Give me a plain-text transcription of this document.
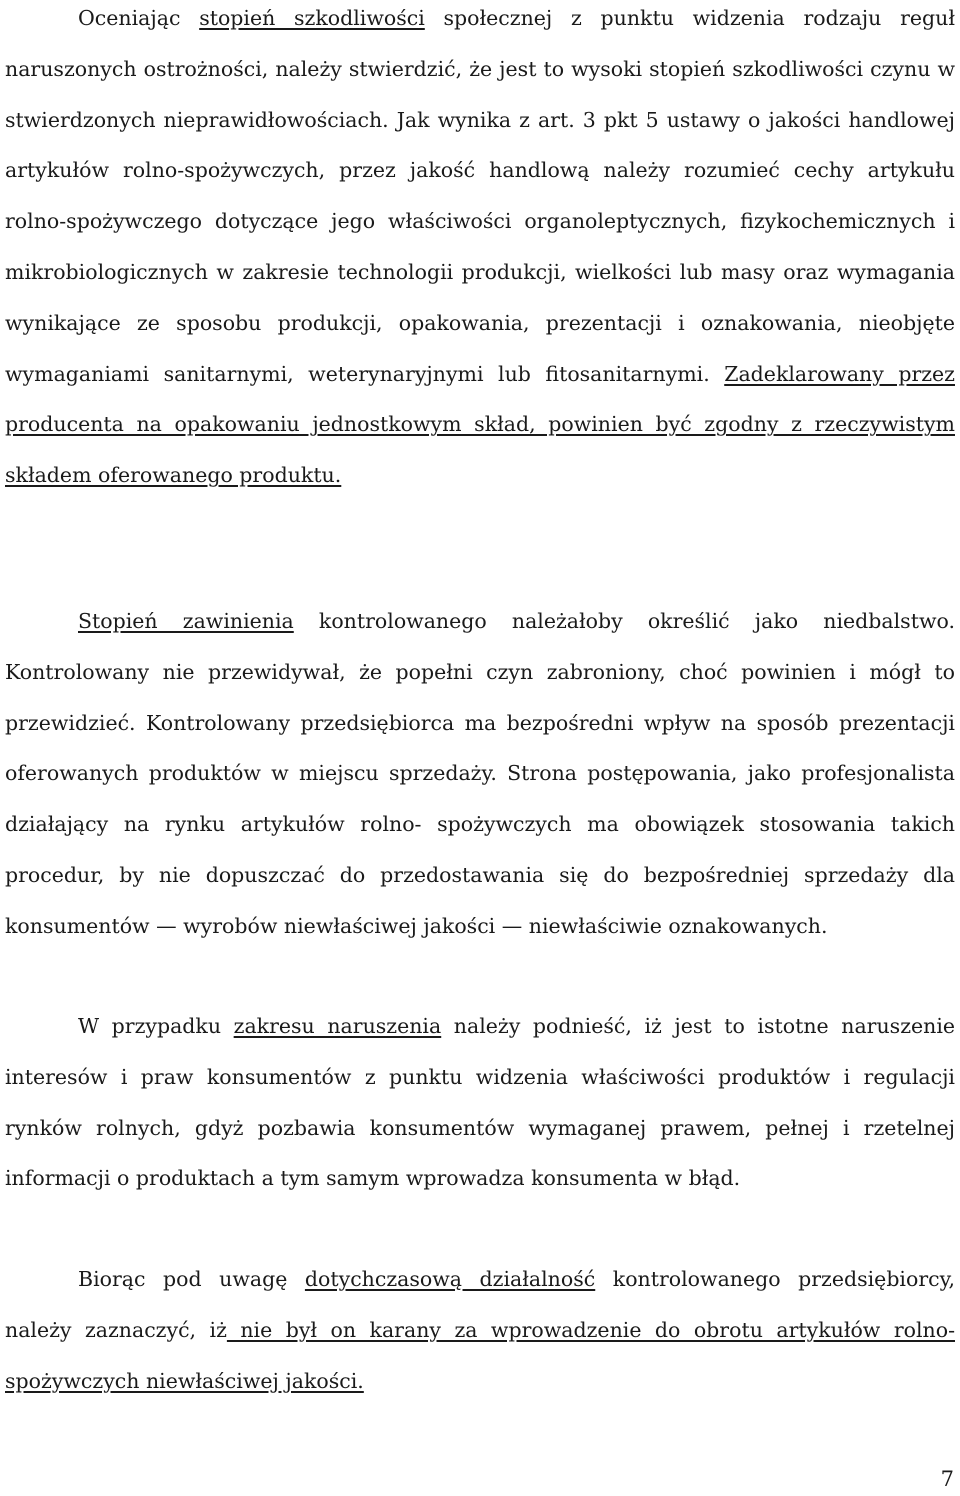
Oceniając stopień szkodliwości społecznej z punktu widzenia rodzaju reguł naruszonych ostrożności, należy stwierdzić, że jest to wysoki stopień szkodliwości czynu w stwierdzonych nieprawidłowościach. Jak wynika z art. 3 pkt 5 ustawy o jakości handlowej artykułów rolno-spożywczych, przez jakość handlową należy rozumieć cechy artykułu rolno-spożywczego dotyczące jego właściwości organoleptycznych, fizykochemicznych i mikrobiologicznych w zakresie technologii produkcji, wielkości lub masy oraz wymagania wynikające ze sposobu produkcji, opakowania, prezentacji i oznakowania, nieobjęte wymaganiami sanitarnymi, weterynaryjnymi lub fitosanitarnymi. Zadeklarowany przez producenta na opakowaniu jednostkowym skład, powinien być zgodny z rzeczywistym składem oferowanego produktu.

Stopień zawinienia kontrolowanego należałoby określić jako niedbalstwo. Kontrolowany nie przewidywał, że popełni czyn zabroniony, choć powinien i mógł to przewidzieć. Kontrolowany przedsiębiorca ma bezpośredni wpływ na sposób prezentacji oferowanych produktów w miejscu sprzedaży. Strona postępowania, jako profesjonalista działający na rynku artykułów rolno- spożywczych ma obowiązek stosowania takich procedur, by nie dopuszczać do przedostawania się do bezpośredniej sprzedaży dla konsumentów — wyrobów niewłaściwej jakości — niewłaściwie oznakowanych.

W przypadku zakresu naruszenia należy podnieść, iż jest to istotne naruszenie interesów i praw konsumentów z punktu widzenia właściwości produktów i regulacji rynków rolnych, gdyż pozbawia konsumentów wymaganej prawem, pełnej i rzetelnej informacji o produktach a tym samym wprowadza konsumenta w błąd.

Biorąc pod uwagę dotychczasową działalność kontrolowanego przedsiębiorcy, należy zaznaczyć, iż nie był on karany za wprowadzenie do obrotu artykułów rolno-spożywczych niewłaściwej jakości.

7
